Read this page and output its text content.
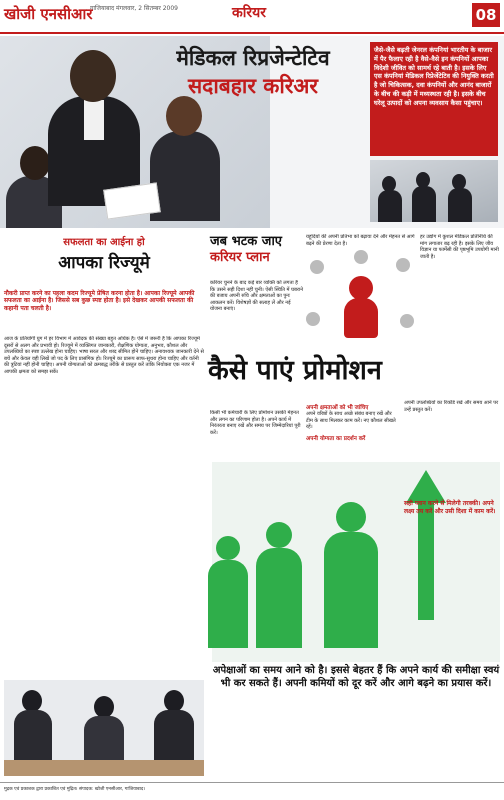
खोजी एनसीआर
गाजियाबाद मंगलवार, 2 सितम्बर 2009	करियर	08
मेडिकल रिप्रजेन्टेटिव
सदाबहार करिअर
जैसे-जैसे बढ़ती जेनरल कंपनियां भारतीय के बाजार में पैर फैलाए रही है वैसे-वैसे इन कंपनियों आपका विदेशी जीवित को सामर्थ रहे बाती है। इसके लिए एस कंपनियां मेडिकल रिप्रेजेंटेटिव की नियुक्ति करती है जो चिकित्सक, दवा कंपनियों और आनंद बाजारों के बीच की कड़ी में मध्यस्थता रही है। इसके बीच घरेलू उत्पादों को अपना व्यवसाय कैसा पहुंचाए।
सफलता का आईना हो
आपका रिज्यूमे
नौकरी प्राप्त करने का पहला कदम रिज्यूमे प्रेषित करना होता है। आपका रिज्यूमे आपकी सफलता का आईना है। जिससे सब कुछ स्पष्ट होता है। इसे देखकर आपकी सफलता की कहानी पता चलती है।
आज के प्रतियोगी युग में हर विभाग में आवेदक की संख्या बहुत अधिक है। ऐसे में जरूरी है कि आपका रिज्यूमे दूसरों से अलग और प्रभावी हो। रिज्यूमे में व्यक्तिगत जानकारी, शैक्षणिक योग्यता, अनुभव, कौशल और उपलब्धियों का स्पष्ट उल्लेख होना चाहिए। भाषा सरल और शब्द सीमित होने चाहिए। अनावश्यक जानकारी देने से बचें और केवल वही लिखें जो पद के लिए प्रासंगिक हो। रिज्यूमे का प्रारूप साफ-सुथरा होना चाहिए और वर्तनी की त्रुटियां नहीं होनी चाहिए। अपनी योग्यताओं को क्रमबद्ध तरीके से प्रस्तुत करें ताकि नियोक्ता एक नजर में आपकी क्षमता को समझ सकें।
जब भटक जाए
करियर प्लान
करियर चुनने के बाद कई बार व्यक्ति को लगता है कि उसने सही दिशा नहीं चुनी। ऐसी स्थिति में घबराने की बजाय अपनी रुचि और क्षमताओं का पुनः आकलन करें। विशेषज्ञों की सलाह लें और नई योजना बनाएं।
यहूदियों की अपनी प्रतिभा को बढ़ावा देने और मेहनत से आगे बढ़ने की प्रेरणा देता है।
हर उद्योग में कुशल मेडिकल प्रतिनिधि की मांग लगातार बढ़ रही है। इसके लिए जीव विज्ञान या फार्मेसी की पृष्ठभूमि उपयोगी मानी जाती है।
कैसे पाएं प्रोमोशन
किसी भी कर्मचारी के लिए प्रोमोशन उसकी मेहनत और लगन का परिणाम होता है। अपने कार्य में निरंतरता बनाए रखें और समय पर जिम्मेदारियां पूरी करें।
अपनी क्षमताओं को भी जांचिए
अपने वरिष्ठों के साथ अच्छे संबंध बनाए रखें और टीम के साथ मिलकर काम करें। नए कौशल सीखते रहें।
अपनी योग्यता का प्रदर्शन करें
अपनी उपलब्धियों का रिकॉर्ड रखें और समय आने पर उन्हें प्रस्तुत करें।
सही प्लान करने से मिलेगी तरक्की। अपने लक्ष्य तय करें और उसी दिशा में काम करें।
अपेक्षाओं का समय आने को है। इससे बेहतर हैं कि अपने कार्य की समीक्षा स्वयं भी कर सकते हैं। अपनी कमियों को दूर करें और आगे बढ़ने का प्रयास करें।
मुद्रक एवं प्रकाशक द्वारा प्रकाशित एवं मुद्रित। संपादक: खोजी एनसीआर, गाजियाबाद।
